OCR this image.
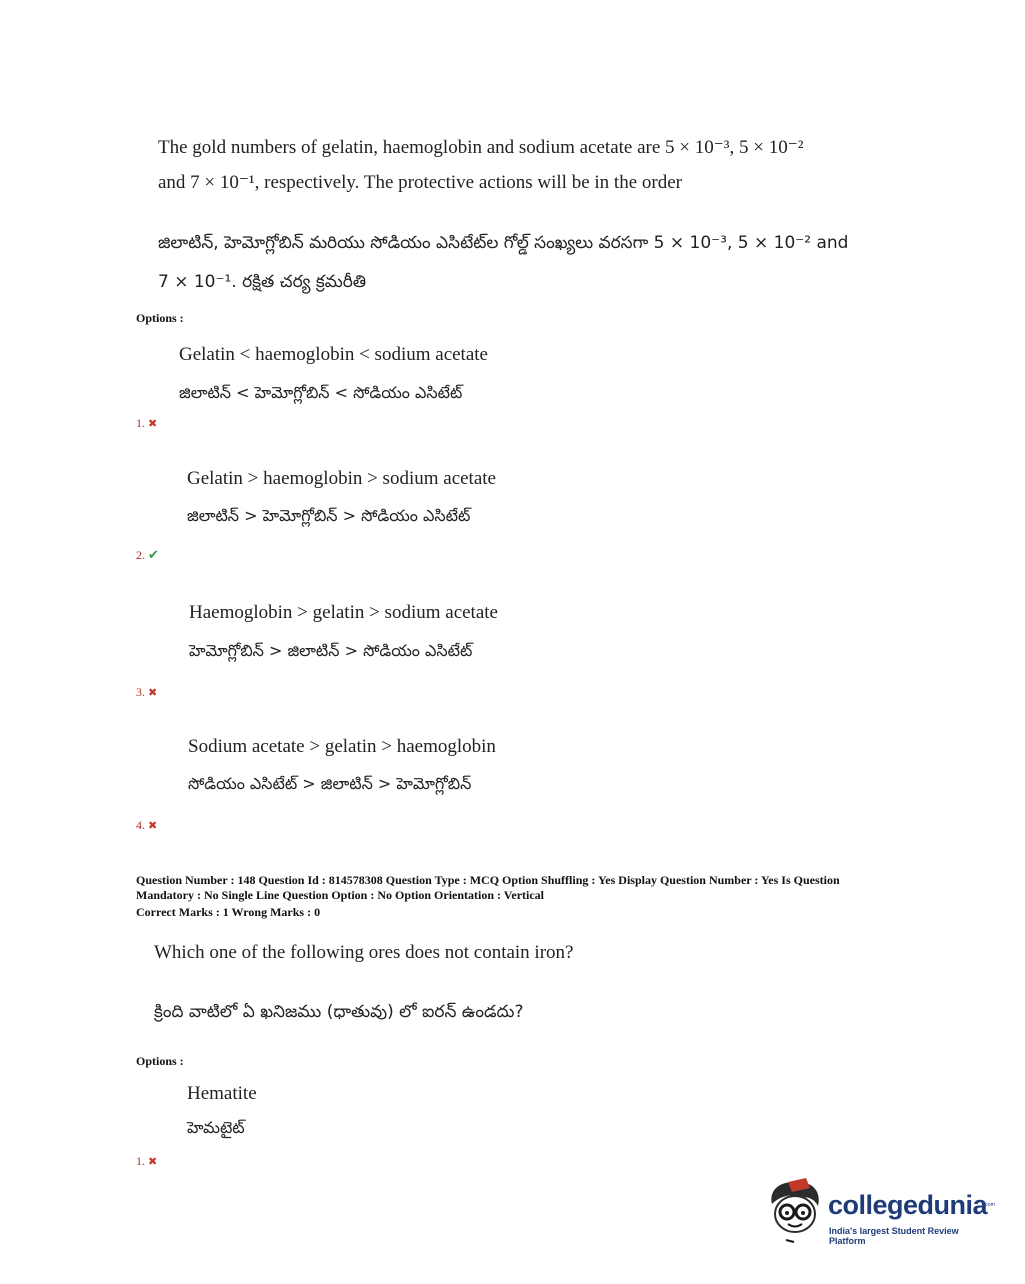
The gold numbers of gelatin, haemoglobin and sodium acetate are 5 × 10⁻³, 5 × 10⁻²
and 7 × 10⁻¹, respectively. The protective actions will be in the order
జిలాటిన్, హెమోగ్లోబిన్ మరియు సోడియం ఎసిటేట్‌ల గోల్డ్ సంఖ్యలు వరసగా 5 × 10⁻³, 5 × 10⁻² and
7 × 10⁻¹. రక్షిత చర్య క్రమరీతి
Options :
Gelatin < haemoglobin < sodium acetate
జిలాటిన్ < హెమోగ్లోబిన్ < సోడియం ఎసిటేట్
1. ✖
Gelatin > haemoglobin > sodium acetate
జిలాటిన్ > హెమోగ్లోబిన్ > సోడియం ఎసిటేట్
2. ✔
Haemoglobin > gelatin > sodium acetate
హెమోగ్లోబిన్ > జిలాటిన్ > సోడియం ఎసిటేట్
3. ✖
Sodium acetate > gelatin > haemoglobin
సోడియం ఎసిటేట్ > జిలాటిన్ > హెమోగ్లోబిన్
4. ✖
Question Number : 148 Question Id : 814578308 Question Type : MCQ Option Shuffling : Yes Display Question Number : Yes Is Question
Mandatory : No Single Line Question Option : No Option Orientation : Vertical
Correct Marks : 1 Wrong Marks : 0
Which one of the following ores does not contain iron?
క్రింది వాటిలో ఏ ఖనిజము (ధాతువు) లో ఐరన్ ఉండదు?
Options :
Hematite
హెమటైట్
1. ✖
collegedunia
.com
India's largest Student Review Platform
